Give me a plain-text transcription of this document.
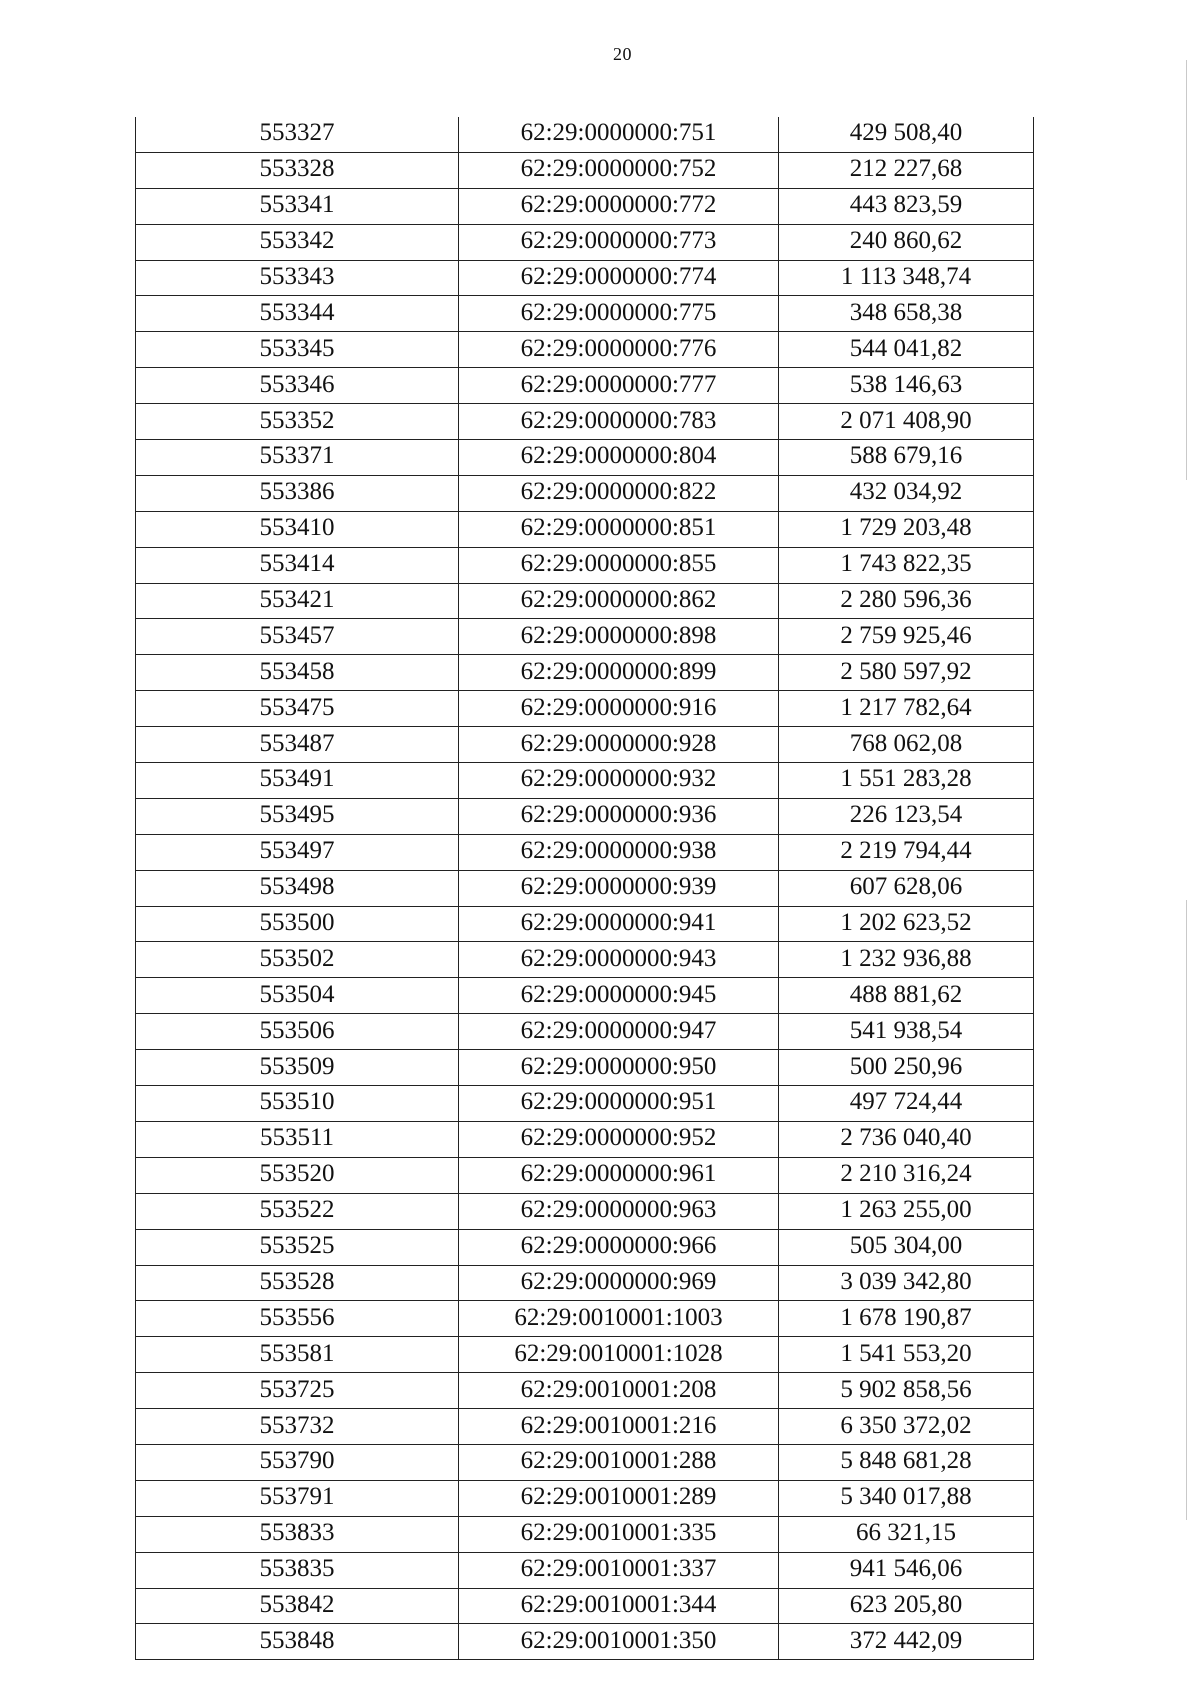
20
553327	62:29:0000000:751	429 508,40
553328	62:29:0000000:752	212 227,68
553341	62:29:0000000:772	443 823,59
553342	62:29:0000000:773	240 860,62
553343	62:29:0000000:774	1 113 348,74
553344	62:29:0000000:775	348 658,38
553345	62:29:0000000:776	544 041,82
553346	62:29:0000000:777	538 146,63
553352	62:29:0000000:783	2 071 408,90
553371	62:29:0000000:804	588 679,16
553386	62:29:0000000:822	432 034,92
553410	62:29:0000000:851	1 729 203,48
553414	62:29:0000000:855	1 743 822,35
553421	62:29:0000000:862	2 280 596,36
553457	62:29:0000000:898	2 759 925,46
553458	62:29:0000000:899	2 580 597,92
553475	62:29:0000000:916	1 217 782,64
553487	62:29:0000000:928	768 062,08
553491	62:29:0000000:932	1 551 283,28
553495	62:29:0000000:936	226 123,54
553497	62:29:0000000:938	2 219 794,44
553498	62:29:0000000:939	607 628,06
553500	62:29:0000000:941	1 202 623,52
553502	62:29:0000000:943	1 232 936,88
553504	62:29:0000000:945	488 881,62
553506	62:29:0000000:947	541 938,54
553509	62:29:0000000:950	500 250,96
553510	62:29:0000000:951	497 724,44
553511	62:29:0000000:952	2 736 040,40
553520	62:29:0000000:961	2 210 316,24
553522	62:29:0000000:963	1 263 255,00
553525	62:29:0000000:966	505 304,00
553528	62:29:0000000:969	3 039 342,80
553556	62:29:0010001:1003	1 678 190,87
553581	62:29:0010001:1028	1 541 553,20
553725	62:29:0010001:208	5 902 858,56
553732	62:29:0010001:216	6 350 372,02
553790	62:29:0010001:288	5 848 681,28
553791	62:29:0010001:289	5 340 017,88
553833	62:29:0010001:335	66 321,15
553835	62:29:0010001:337	941 546,06
553842	62:29:0010001:344	623 205,80
553848	62:29:0010001:350	372 442,09
